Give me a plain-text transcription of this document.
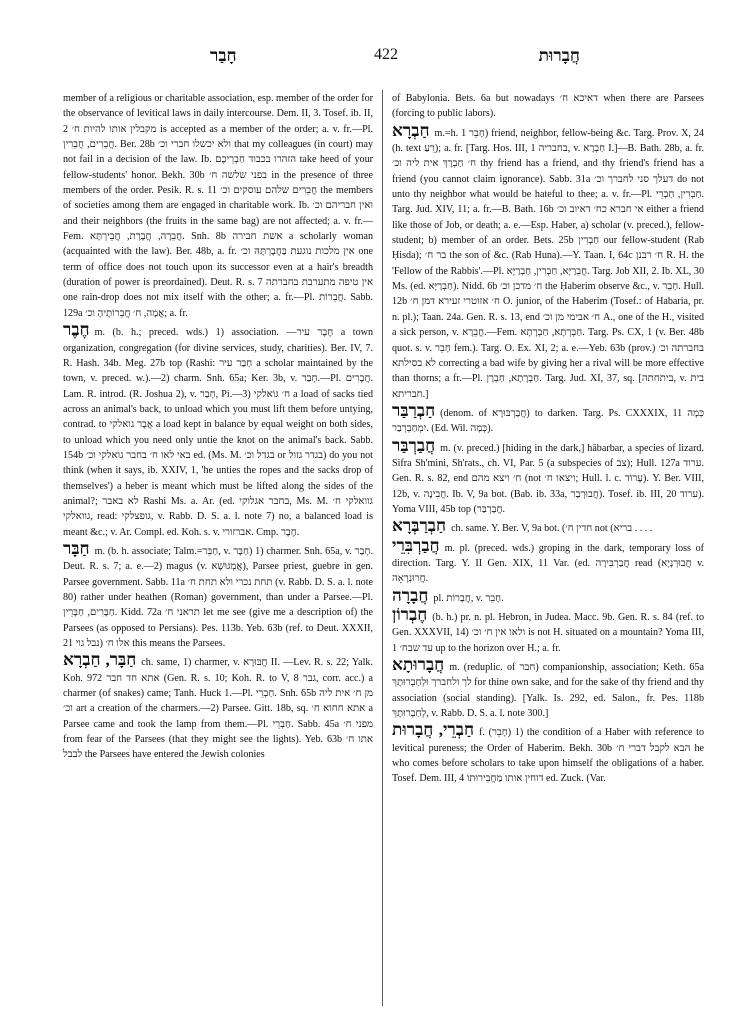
חָבַר	422	חֲבָרוּת

member of a religious or charitable association, esp. member of the order for the observance of levitical laws in daily intercourse. Dem. II, 3. Tosef. ib. II, 2 מקבלין אותו להיות ח׳ is accepted as a member of the order; a. v. fr.—Pl. חֲבֵרִים, חֲבֵרִין. Ber. 28b ולא יכשלו חברי וכ׳ that my colleagues (in court) may not fail in a decision of the law. Ib. הזהרו בכבוד חַבְרֵיכֶם take heed of your fellow-students' honor. Bekh. 30b בפני שלשה ח׳ in the presence of three members of the order. Pesik. R. s. 11 חֲבֵרִים שלהם עוסקים וכ׳ the members of societies among them are engaged in charitable work. Ib. ואין חבריהם וכ׳ and their neighbors (the fruits in the same bag) are not affected; a. v. fr.—Fem. חֲבֵרָה, חֲבֶרֶת, חֲבֵירְתָּא. Snh. 8b אשת חבירה a scholarly woman (acquainted with the law). Ber. 48b, a. fr. אין מלכות נוגעת בַּחֲבֶרְתָּהּ וכ׳ one term of office does not touch upon its successor even at a hair's breadth (duration of power is preordained). Deut. R. s. 7 אין טיפה מתערבת בחברתה one rain-drop does not mix itself with the other; a. fr.—Pl. חֲבֵרוֹת. Sabb. 129a אֲמָה, ח׳ חֲבֵרוֹתֶיהָ וכ׳; a. fr.

חֶבֶר m. (b. h.; preced. wds.) 1) association. —חֶבֶר עיר a town organization, congregation (for divine services, study, charities). Ber. IV, 7. R. Hash. 34b. Meg. 27b top (Rashi: חַבַר עיר a scholar maintained by the town, v. preced. w.).—2) charm. Snh. 65a; Ker. 3b, v. חָבַר.—Pl. חֲבָרִים. Lam. R. introd. (R. Joshua 2), v. חָבַר, Pi.—3) ח׳ גּוֹאלקִי a load of sacks tied across an animal's back, to unload which you must lift them before untying, contrad. to אֲבָר גואלקי a load kept in balance by equal weight on both sides, to unload which you need only untie the knot on the animal's back. Sabb. 154b באי לאו ח׳ בחבר גואלקי וכ׳ ed. (Ms. M. בגדל וכ׳ or בגדר גזול) do you not think (when it says, ib. XXIV, 1, 'he unties the ropes and the sacks drop of themselves') a heber is meant which must be lifted along the sides of the animal?; לא באבר Rashi Ms. a. Ar. (ed. בחבר אגלוקי, Ms. M. גוואלקי ח׳ גוואלקי, read: גופצלקי, v. Rabb. D. S. a. l. note 7) no, a balanced load is meant &c.; v. Ar. Compl. ed. Koh. s. v. אברזורי. Cmp. חֶבֶר.

חַבָּר m. (b. h. associate; Talm.=חַבֵּר, v. חַבָּר) 1) charmer. Snh. 65a, v. חָבַר. Deut. R. s. 7; a. e.—2) magus (v. אֲמְגּוּשָׁא), Parsee priest, guebre in gen. Parsee government. Sabb. 11a תחת נכרי ולא תחת ח׳ (v. Rabb. D. S. a. l. note 80) rather under heathen (Roman) government, than under a Parsee.—Pl. חַבָּרִים, חַבָּרֵין. Kidd. 72a תראני ח׳ let me see (give me a description of) the Parsees (as opposed to Persians). Pes. 113b. Yeb. 63b (ref. to Deut. XXXII, 21 נבל גוי) אלו ח׳ this means the Parsees.

חַבָּר, חַבְרָא ch. same, 1) charmer, v. חֲבּוּרָא II. —Lev. R. s. 22; Yalk. Koh. 972 אתא חד חבר (Gen. R. s. 10; Koh. R. to V, 8 גבר, corr. acc.) a charmer (of snakes) came; Tanh. Huck 1.—Pl. חַבְרֵי. Snh. 65b מן ח׳ אית ליה וכ׳ art a creation of the charmers.—2) Parsee. Gitt. 18b, sq. אתא חחוא ח׳ a Parsee came and took the lamp from them.—Pl. חַבְרֵי. Sabb. 45a מפני ח׳ from fear of the Parsees (that they might see the lights). Yeb. 63b אתו ח׳ לבבל the Parsees have entered the Jewish colonies

of Babylonia. Bets. 6a but nowadays דאיכא ח׳ when there are Parsees (forcing to public labors).

חַבְרָא m.=h. חָבֵר 1) friend, neighbor, fellow-being &c. Targ. Prov. X, 24 (h. text רֵעַ); a. fr. [Targ. Hos. III, 1 בחבריה, v. חַבְרָא I.]—B. Bath. 28b, a. fr. ח׳ חַבְרָךְ אית ליה וכ׳ thy friend has a friend, and thy friend's friend has a friend (you cannot claim ignorance). Sabb. 31a דעלך סני לחברך וכ׳ do not unto thy neighbor what would be hateful to thee; a. v. fr.—Pl. חַבְרִין, חַבְרֵי. Targ. Jud. XIV, 11; a. fr.—B. Bath. 16b אי חברא כח׳ דאיוב וכ׳ either a friend like those of Job, or death; a. e.—Esp. Haber, a) scholar (v. preced.), fellow-student; b) member of an order. Bets. 25b חַבְרִין our fellow-student (Rab Ḥisda); בר ח׳ the son of &c. (Rab Huna).—Y. Taan. I, 64c ח׳ רבנן R. H. the 'Fellow of the Rabbis'.—Pl. חֲבֵרַיָּא, חַבְרִין, חַבְרַיָּא. Targ. Job XII, 2. Ib. XL, 30 Ms. (ed. חַבְרַיָּא). Nidd. 6b ח׳ מדכן וכ׳ the Ḥaberim observe &c., v. חָבֵר. Hull. 12b ח׳ אזוטרי זעירא דמן ח׳ O. junior, of the Haberim (Tosef.: of Habaria, pr. n. pl.); Taan. 24a. Gen. R. s. 13, end ח׳ אבימי מן וכ׳ A., one of the H., visited a sick person, v. חֲבֵרָא.—Fem. חַבְרְתָא, חַבְרָתָא. Targ. Ps. CX, 1 (v. Ber. 48b quot. s. v. חָבֵר fem.). Targ. O. Ex. XI, 2; a. e.—Yeb. 63b (prov.) בחברתה וכ׳ לא בסילתא correcting a bad wife by giving her a rival will be more effective than thorns; a fr.—Pl. חַבְרָתָא, חַבְרָן. Targ. Jud. XI, 37, sq. [ביתחתה, v. בית חבריתא.]

חַבְרַבַּר (denom. of חֲבַרְבּוּרָא) to darken. Targ. Ps. CXXXIX, 11 כְּמָה יִמְחַבְרְבַר. (Ed. Wil. כְּמָה).

חֲבַרְבַּר m. (v. preced.) [hiding in the dark,] hăbarbar, a species of lizard. Sifra Sh'mini, Sh'rats., ch. VI, Par. 5 (a subspecies of צב); Hull. 127a ערוד. Gen. R. s. 82, end ח׳ ויצא מהם (not ויצאו ח׳; Hull. l. c. עָרוֹד). Y. Ber. VIII, 12b, v. חֲבִינָה. Ib. V, 9a bot. (Bab. ib. 33a, חֲבוּרְבַר). Tosef. ib. III, 20 ערוד). Yoma VIII, 45b top (חֲבַרְבַּר.

חַבְרַבְּרָא ch. same. Y. Ber. V, 9a bot. (חדין ח׳ not (בריא . . . .

חֲבַרְבִּרֵי m. pl. (preced. wds.) groping in the dark, temporary loss of direction. Targ. Y. II Gen. XIX, 11 Var. (ed. חֲבַרְבִּירָה read (חֲבוּרְנָיָא v. חֲרוּנְרָאָה.

חֲבָרָה pl. חֲבָרוֹת, v. חָבֵר.

חֶבְרוֹן (b. h.) pr. n. pl. Hebron, in Judea. Macc. 9b. Gen. R. s. 84 (ref. to Gen. XXXVII, 14) ולאו אין ח׳ וכ׳ is not H. situated on a mountain? Yoma III, 1 עד שבח׳ up to the horizon over H.; a. fr.

חֲבָרוּתָא m. (reduplic. of חבר) companionship, association; Keth. 65a לך ולחברך וּלְחַבְרוּתָךְ for thine own sake, and for the sake of thy friend and thy association (social standing). [Yalk. Is. 292, ed. Salon., fr. Pes. 118b לְחַבְרוּתָךְ, v. Rabb. D. S. a. l. note 300.]

חַבְרֵי, חֲבָרוּת f. (חָבֵר) 1) the condition of a Haber with reference to levitical pureness; the Order of Haberim. Bekh. 30b הבא לקבל דברי ח׳ he who comes before scholars to take upon himself the obligations of a haber. Tosef. Dem. III, 4 דוחין אותו מַחֲבֵירוּתוֹ ed. Zuck. (Var.
